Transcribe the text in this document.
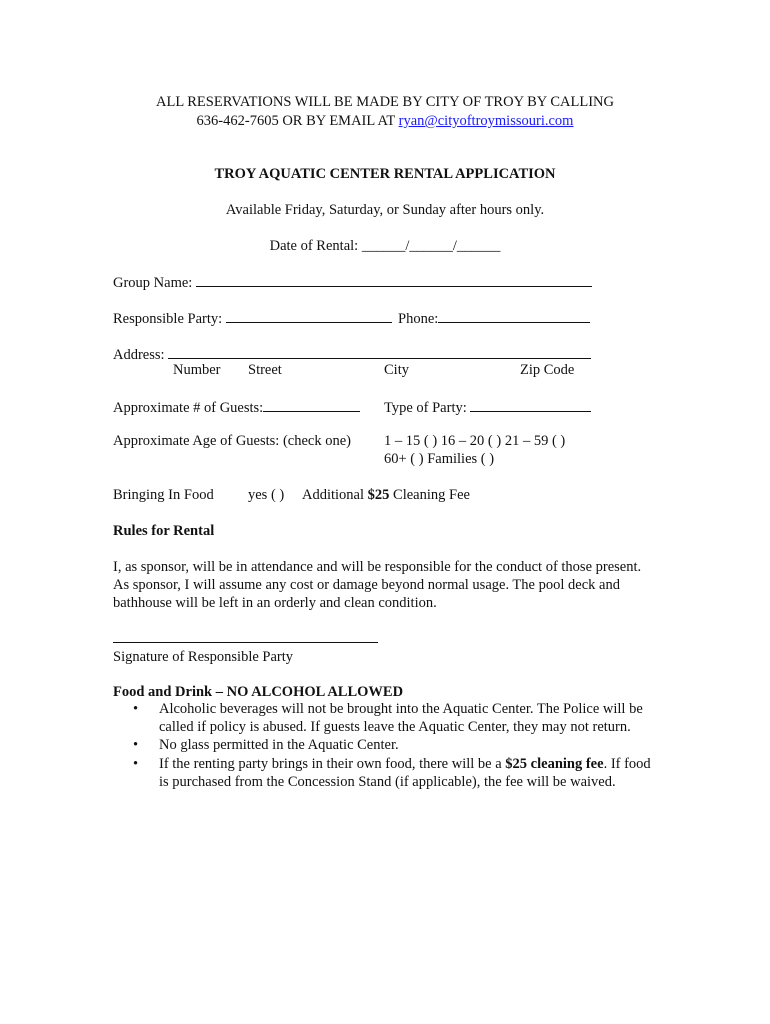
ALL RESERVATIONS WILL BE MADE BY CITY OF TROY BY CALLING
636-462-7605 OR BY EMAIL AT ryan@cityoftroymissouri.com
TROY AQUATIC CENTER RENTAL APPLICATION
Available Friday, Saturday, or Sunday after hours only.
Date of Rental: ______/______/______
Group Name:
Responsible Party:	Phone:
Address:
Number Street	City	Zip Code
Approximate # of Guests:	Type of Party:
Approximate Age of Guests: (check one) 1 – 15 ( ) 16 – 20 ( ) 21 – 59 ( )
60+ ( ) Families ( )
Bringing In Food yes ( ) Additional $25 Cleaning Fee
Rules for Rental
I, as sponsor, will be in attendance and will be responsible for the conduct of those present. As sponsor, I will assume any cost or damage beyond normal usage. The pool deck and bathhouse will be left in an orderly and clean condition.
Signature of Responsible Party
Food and Drink – NO ALCOHOL ALLOWED
• Alcoholic beverages will not be brought into the Aquatic Center. The Police will be called if policy is abused. If guests leave the Aquatic Center, they may not return.
• No glass permitted in the Aquatic Center.
• If the renting party brings in their own food, there will be a $25 cleaning fee. If food is purchased from the Concession Stand (if applicable), the fee will be waived.
